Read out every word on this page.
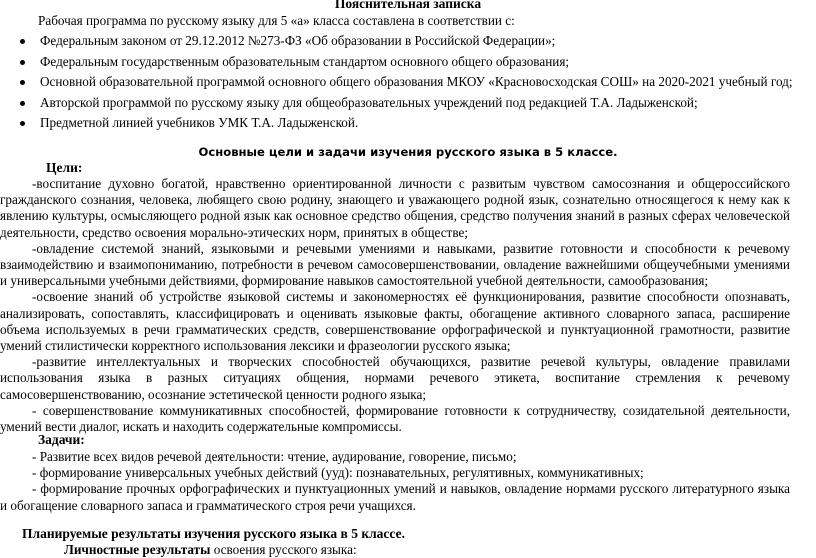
Пояснительная записка
Рабочая программа по русскому языку для 5 «а» класса составлена в соответствии с:
Федеральным законом от 29.12.2012 №273-ФЗ «Об образовании в Российской Федерации»;
Федеральным государственным образовательным стандартом основного общего образования;
Основной образовательной программой основного общего образования МКОУ «Красновосходская СОШ» на 2020-2021 учебный год;
Авторской программой по русскому языку для общеобразовательных учреждений под редакцией Т.А. Ладыженской;
Предметной линией учебников УМК Т.А. Ладыженской.
Основные цели и задачи изучения русского языка в 5 классе.
Цели:

-воспитание духовно богатой, нравственно ориентированной личности с развитым чувством самосознания и общероссийского гражданского сознания, человека, любящего свою родину, знающего и уважающего родной язык, сознательно относящегося к нему как к явлению культуры, осмысляющего родной язык как основное средство общения, средство получения знаний в разных сферах человеческой деятельности, средство освоения морально-этических норм, принятых в обществе;

-овладение системой знаний, языковыми и речевыми умениями и навыками, развитие готовности и способности к речевому взаимодействию и взаимопониманию, потребности в речевом самосовершенствовании, овладение важнейшими общеучебными умениями и универсальными учебными действиями, формирование навыков самостоятельной учебной деятельности, самообразования;

-освоение знаний об устройстве языковой системы и закономерностях её функционирования, развитие способности опознавать, анализировать, сопоставлять, классифицировать и оценивать языковые факты, обогащение активного словарного запаса, расширение объема используемых в речи грамматических средств, совершенствование орфографической и пунктуационной грамотности, развитие умений стилистически корректного использования лексики и фразеологии русского языка;

-развитие интеллектуальных и творческих способностей обучающихся, развитие речевой культуры, овладение правилами использования языка в разных ситуациях общения, нормами речевого этикета, воспитание стремления к речевому самосовершенствованию, осознание эстетической ценности родного языка;

- совершенствование коммуникативных способностей, формирование готовности к сотрудничеству, созидательной деятельности, умений вести диалог, искать и находить содержательные компромиссы.

Задачи:

- Развитие всех видов речевой деятельности: чтение, аудирование, говорение, письмо;

- формирование универсальных учебных действий (ууд): познавательных, регулятивных, коммуникативных;

- формирование прочных орфографических и пунктуационных умений и навыков, овладение нормами русского литературного языка и обогащение словарного запаса и грамматического строя речи учащихся.

Планируемые результаты изучения русского языка в 5 классе.
Личностные результаты освоения русского языка:
